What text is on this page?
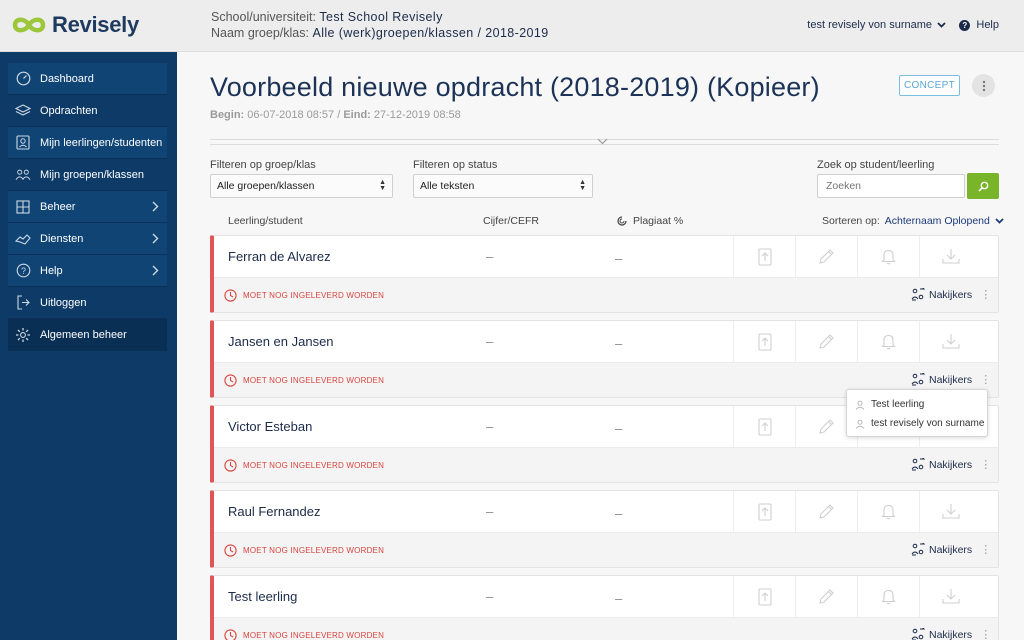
Revisely	School/universiteit: Test School Revisely
Naam groep/klas: Alle (werk)groepen/klassen / 2018-2019
test revisely von surname	? Help
Dashboard
Opdrachten
Mijn leerlingen/studenten
Mijn groepen/klassen
Beheer
Diensten
? Help
Uitloggen
Algemeen beheer
Voorbeeld nieuwe opdracht (2018-2019) (Kopieer)
Begin: 06-07-2018 08:57 / Eind: 27-12-2019 08:58
CONCEPT
Filteren op groep/klas
Alle groepen/klassen	▲
▼
Filteren op status
Alle teksten	▲
▼
Zoek op student/leerling
Zoeken
Leerling/student	Cijfer/CEFR	Plagiaat %	Sorteren op: Achternaam Oplopend
Ferran de Alvarez	–	–
MOET NOG INGELEVERD WORDEN	Nakijkers ⋮
Jansen en Jansen	–	–
MOET NOG INGELEVERD WORDEN	Nakijkers ⋮
Victor Esteban	–	–
MOET NOG INGELEVERD WORDEN	Nakijkers ⋮
Raul Fernandez	–	–
MOET NOG INGELEVERD WORDEN	Nakijkers ⋮
Test leerling	–	–
MOET NOG INGELEVERD WORDEN	Nakijkers ⋮
Test leerling
test revisely von surname
